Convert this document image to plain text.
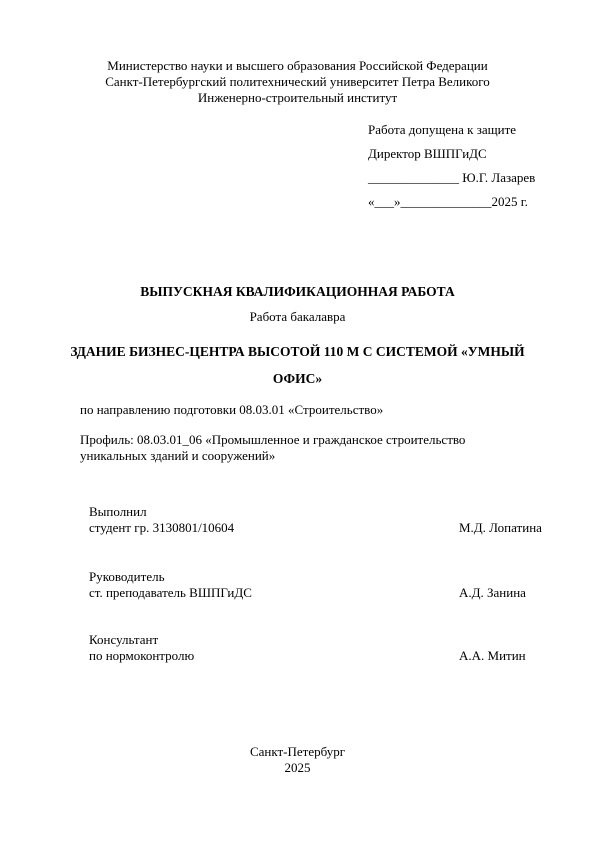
Министерство науки и высшего образования Российской Федерации
Санкт-Петербургский политехнический университет Петра Великого
Инженерно-строительный институт
Работа допущена к защите
Директор ВШПГиДС
______________ Ю.Г. Лазарев
«___»______________2025 г.
ВЫПУСКНАЯ КВАЛИФИКАЦИОННАЯ РАБОТА
Работа бакалавра
ЗДАНИЕ БИЗНЕС-ЦЕНТРА ВЫСОТОЙ 110 М С СИСТЕМОЙ «УМНЫЙ ОФИС»
по направлению подготовки 08.03.01 «Строительство»
Профиль: 08.03.01_06 «Промышленное и гражданское строительство
уникальных зданий и сооружений»
Выполнил
студент гр. 3130801/10604	М.Д. Лопатина
Руководитель
ст. преподаватель ВШПГиДС	А.Д. Занина
Консультант
по нормоконтролю	А.А. Митин
Санкт-Петербург
2025
